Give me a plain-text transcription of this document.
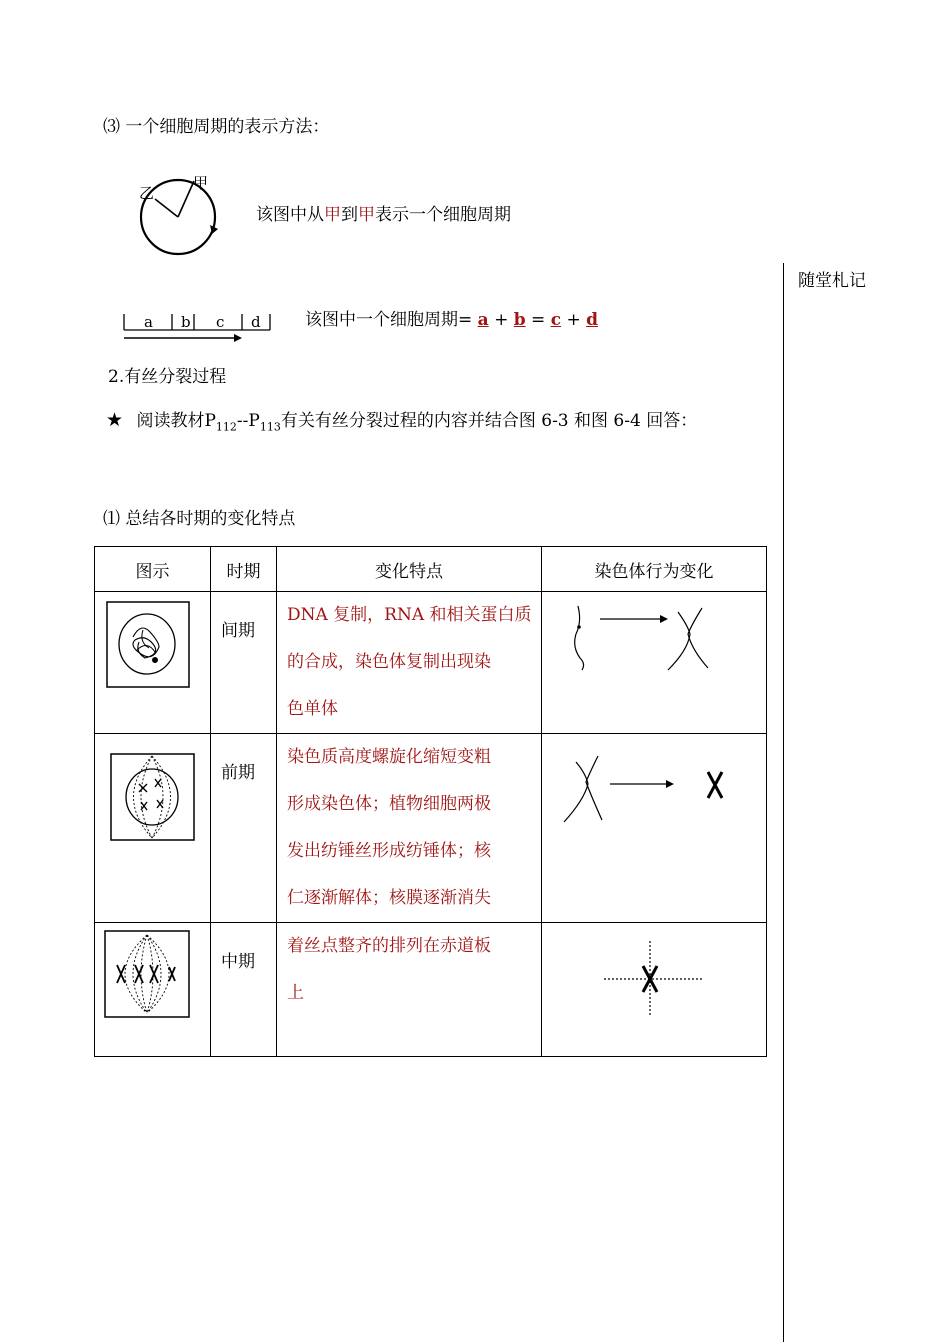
⑶ 一个细胞周期的表示方法：
乙
甲
该图中从甲到甲表示一个细胞周期
随堂札记
a b c d	该图中一个细胞周期= a + b = c + d
2.有丝分裂过程
★ 阅读教材$P_{112}--P_{113}$有关有丝分裂过程的内容并结合图 6-3 和图 6-4 回答：
⑴ 总结各时期的变化特点
图示	时期	变化特点	染色体行为变化

	间期	DNA 复制，RNA 和相关蛋白质
的合成，染色体复制出现染
色单体

	前期	染色质高度螺旋化缩短变粗
形成染色体；植物细胞两极
发出纺锤丝形成纺锤体；核
仁逐渐解体；核膜逐渐消失

	中期	着丝点整齐的排列在赤道板
上
